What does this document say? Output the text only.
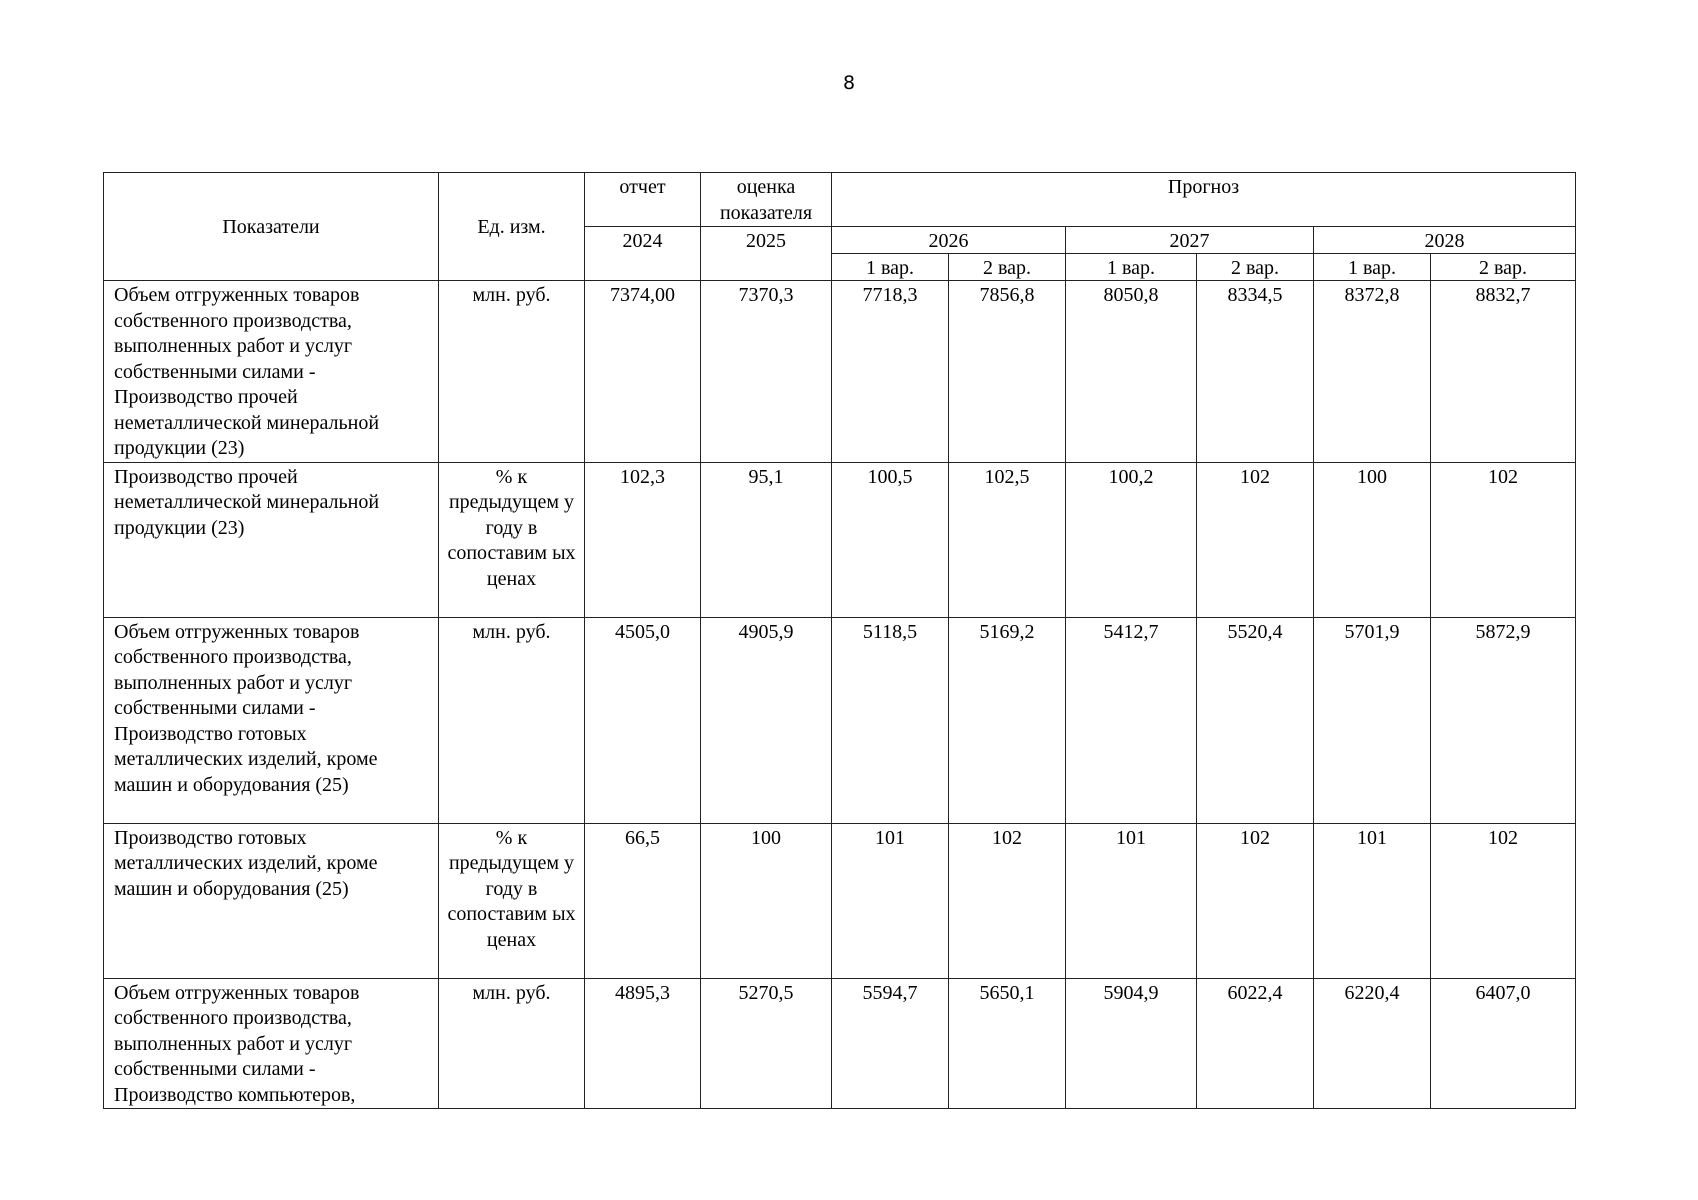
8
Показатели	Ед. изм.	отчет	оценка показателя	Прогноз					
		2024	2025	2026		2027		2028	
				1 вар.	2 вар.	1 вар.	2 вар.	1 вар.	2 вар.
Объем отгруженных товаров собственного производства, выполненных работ и услуг собственными силами - Производство прочей неметаллической минеральной продукции (23)	млн. руб.	7374,00	7370,3	7718,3	7856,8	8050,8	8334,5	8372,8	8832,7
Производство прочей неметаллической минеральной продукции (23)	% к предыдущем у году в сопоставим ых ценах	102,3	95,1	100,5	102,5	100,2	102	100	102
Объем отгруженных товаров собственного производства, выполненных работ и услуг собственными силами - Производство готовых металлических изделий, кроме машин и оборудования (25)	млн. руб.	4505,0	4905,9	5118,5	5169,2	5412,7	5520,4	5701,9	5872,9
Производство готовых металлических изделий, кроме машин и оборудования (25)	% к предыдущем у году в сопоставим ых ценах	66,5	100	101	102	101	102	101	102
Объем отгруженных товаров собственного производства, выполненных работ и услуг собственными силами - Производство компьютеров,	млн. руб.	4895,3	5270,5	5594,7	5650,1	5904,9	6022,4	6220,4	6407,0
